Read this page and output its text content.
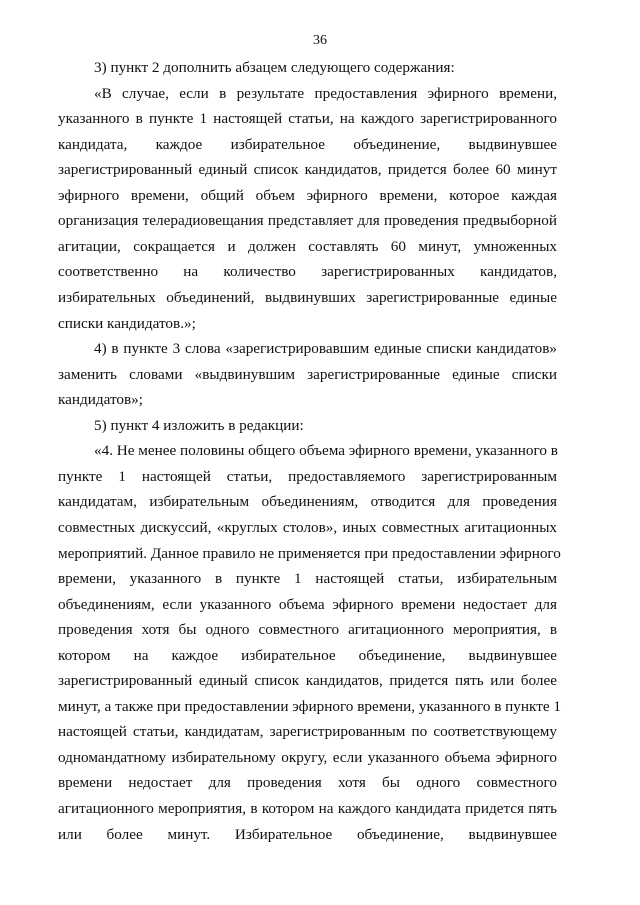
36
3) пункт 2 дополнить абзацем следующего содержания:
«В случае, если в результате предоставления эфирного времени,
указанного в пункте 1 настоящей статьи, на каждого зарегистрированного
кандидата, каждое избирательное объединение, выдвинувшее
зарегистрированный единый список кандидатов, придется более 60 минут
эфирного времени, общий объем эфирного времени, которое каждая
организация телерадиовещания представляет для проведения предвыборной
агитации, сокращается и должен составлять 60 минут, умноженных
соответственно на количество зарегистрированных кандидатов,
избирательных объединений, выдвинувших зарегистрированные единые
списки кандидатов.»;
4) в пункте 3 слова «зарегистрировавшим единые списки кандидатов»
заменить словами «выдвинувшим зарегистрированные единые списки
кандидатов»;
5) пункт 4 изложить в редакции:
«4. Не менее половины общего объема эфирного времени, указанного в
пункте 1 настоящей статьи, предоставляемого зарегистрированным
кандидатам, избирательным объединениям, отводится для проведения
совместных дискуссий, «круглых столов», иных совместных агитационных
мероприятий. Данное правило не применяется при предоставлении эфирного
времени, указанного в пункте 1 настоящей статьи, избирательным
объединениям, если указанного объема эфирного времени недостает для
проведения хотя бы одного совместного агитационного мероприятия, в
котором на каждое избирательное объединение, выдвинувшее
зарегистрированный единый список кандидатов, придется пять или более
минут, а также при предоставлении эфирного времени, указанного в пункте 1
настоящей статьи, кандидатам, зарегистрированным по соответствующему
одномандатному избирательному округу, если указанного объема эфирного
времени недостает для проведения хотя бы одного совместного
агитационного мероприятия, в котором на каждого кандидата придется пять
или более минут. Избирательное объединение, выдвинувшее
